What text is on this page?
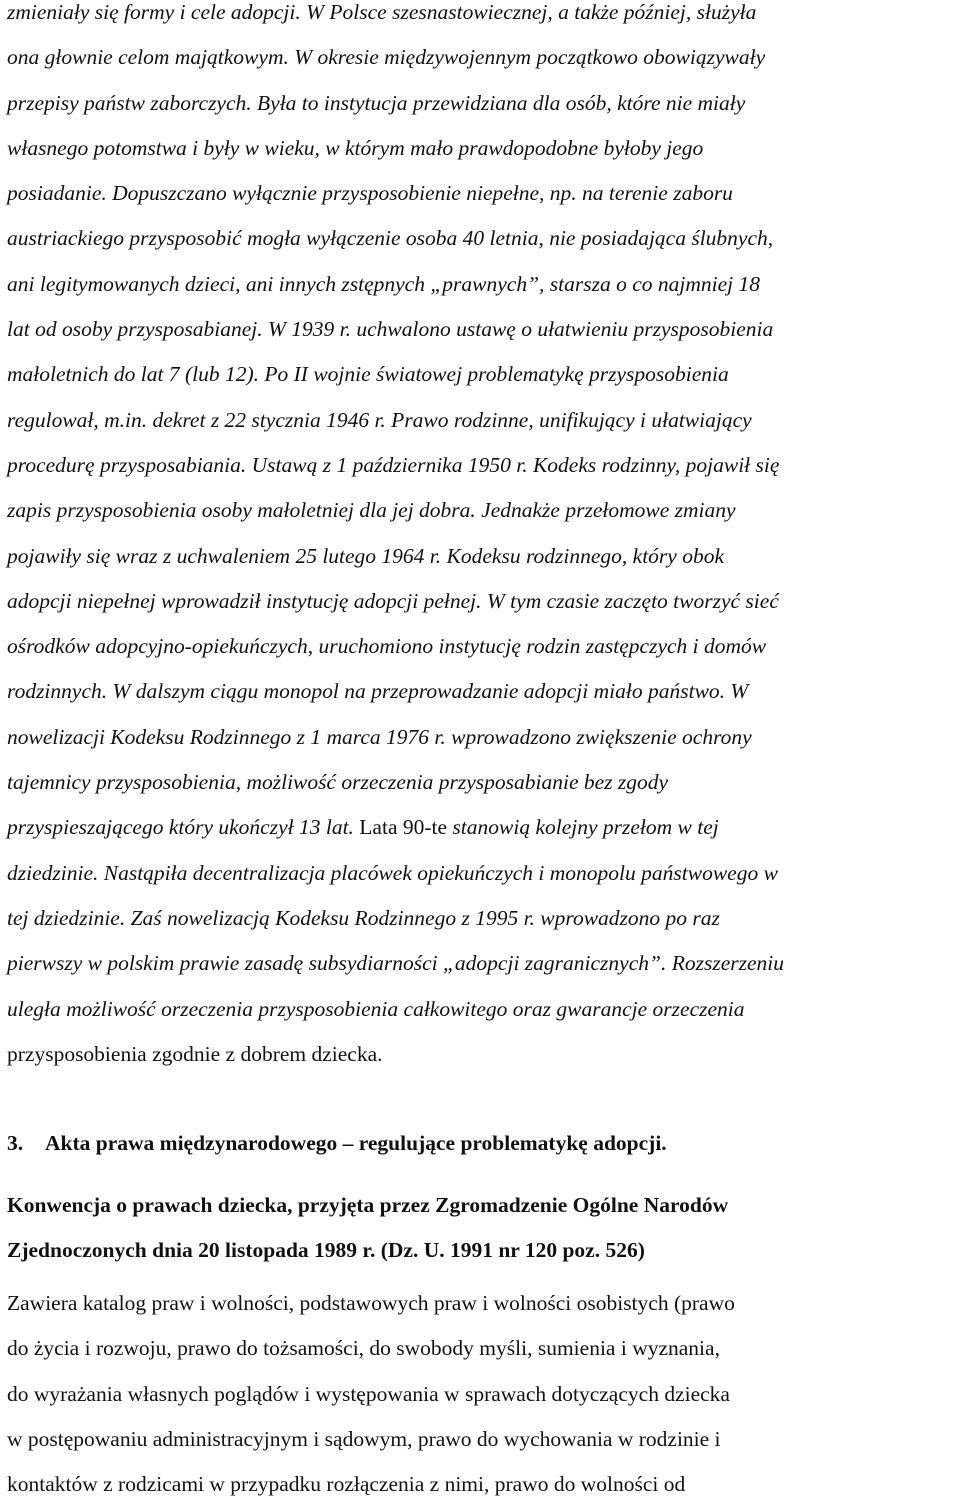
zmieniały się formy i cele adopcji. W Polsce szesnastowiecznej, a także później, służyła
ona głownie celom majątkowym. W okresie międzywojennym początkowo obowiązywały
przepisy państw zaborczych. Była to instytucja przewidziana dla osób, które nie miały
własnego potomstwa i były w wieku, w którym mało prawdopodobne byłoby jego
posiadanie. Dopuszczano wyłącznie przysposobienie niepełne, np. na terenie zaboru
austriackiego przysposobić mogła wyłączenie osoba 40 letnia, nie posiadająca ślubnych,
ani legitymowanych dzieci, ani innych zstępnych „prawnych”, starsza o co najmniej 18
lat od osoby przysposabianej. W 1939 r. uchwalono ustawę o ułatwieniu przysposobienia
małoletnich do lat 7 (lub 12). Po II wojnie światowej problematykę przysposobienia
regulował, m.in. dekret z 22 stycznia 1946 r. Prawo rodzinne, unifikujący i ułatwiający
procedurę przysposabiania. Ustawą z 1 października 1950 r. Kodeks rodzinny, pojawił się
zapis przysposobienia osoby małoletniej dla jej dobra. Jednakże przełomowe zmiany
pojawiły się wraz z uchwaleniem 25 lutego 1964 r. Kodeksu rodzinnego, który obok
adopcji niepełnej wprowadził instytucję adopcji pełnej. W tym czasie zaczęto tworzyć sieć
ośrodków adopcyjno-opiekuńczych, uruchomiono instytucję rodzin zastępczych i domów
rodzinnych. W dalszym ciągu monopol na przeprowadzanie adopcji miało państwo. W
nowelizacji Kodeksu Rodzinnego z 1 marca 1976 r. wprowadzono zwiększenie ochrony
tajemnicy przysposobienia, możliwość orzeczenia przysposabianie bez zgody
przyspieszającego który ukończył 13 lat. Lata 90-te stanowią kolejny przełom w tej
dziedzinie. Nastąpiła decentralizacja placówek opiekuńczych i monopolu państwowego w
tej dziedzinie. Zaś nowelizacją Kodeksu Rodzinnego z 1995 r. wprowadzono po raz
pierwszy w polskim prawie zasadę subsydiarności „adopcji zagranicznych”. Rozszerzeniu
uległa możliwość orzeczenia przysposobienia całkowitego oraz gwarancje orzeczenia
przysposobienia zgodnie z dobrem dziecka.
3. Akta prawa międzynarodowego – regulujące problematykę adopcji.
Konwencja o prawach dziecka, przyjęta przez Zgromadzenie Ogólne Narodów
Zjednoczonych dnia 20 listopada 1989 r. (Dz. U. 1991 nr 120 poz. 526)
Zawiera katalog praw i wolności, podstawowych praw i wolności osobistych (prawo
do życia i rozwoju, prawo do tożsamości, do swobody myśli, sumienia i wyznania,
do wyrażania własnych poglądów i występowania w sprawach dotyczących dziecka
w postępowaniu administracyjnym i sądowym, prawo do wychowania w rodzinie i
kontaktów z rodzicami w przypadku rozłączenia z nimi, prawo do wolności od
